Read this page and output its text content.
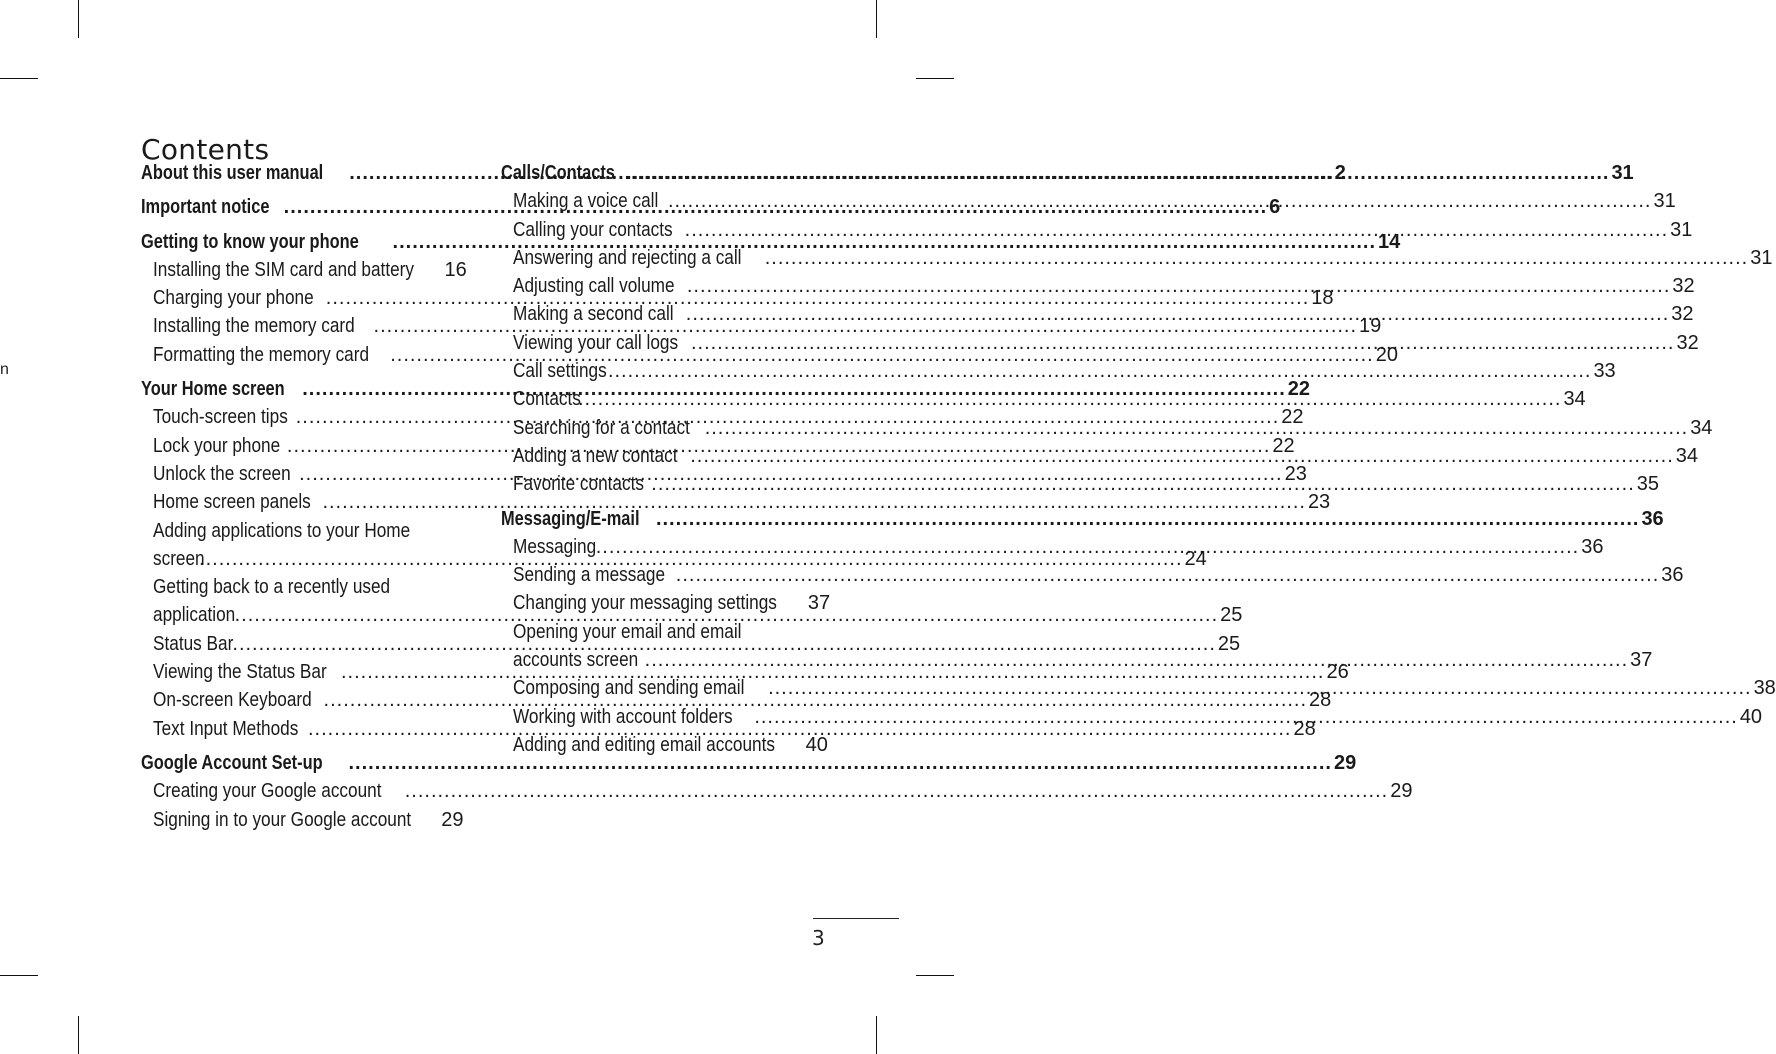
n
Contents
About this user manual .....	2
Important notice .....	6
Getting to know your phone .....	14
Installing the SIM card and battery 16
Charging your phone .....	18
Installing the memory card .....	19
Formatting the memory card .....	20
Your Home screen .....	22
Touch-screen tips .....	22
Lock your phone .....	22
Unlock the screen .....	23
Home screen panels .....	23
Adding applications to your Home
screen .....	24
Getting back to a recently used
application .....	25
Status Bar .....	25
Viewing the Status Bar .....	26
On-screen Keyboard .....	28
Text Input Methods .....	28
Google Account Set-up .....	29
Creating your Google account .....	29
Signing in to your Google account 29
Calls/Contacts .....	31
Making a voice call .....	31
Calling your contacts .....	31
Answering and rejecting a call .....	31
Adjusting call volume .....	32
Making a second call .....	32
Viewing your call logs .....	32
Call settings .....	33
Contacts .....	34
Searching for a contact .....	34
Adding a new contact .....	34
Favorite contacts .....	35
Messaging/E-mail .....	36
Messaging .....	36
Sending a message .....	36
Changing your messaging settings 37
Opening your email and email
accounts screen .....	37
Composing and sending email .....	38
Working with account folders .....	40
Adding and editing email accounts 40
3
